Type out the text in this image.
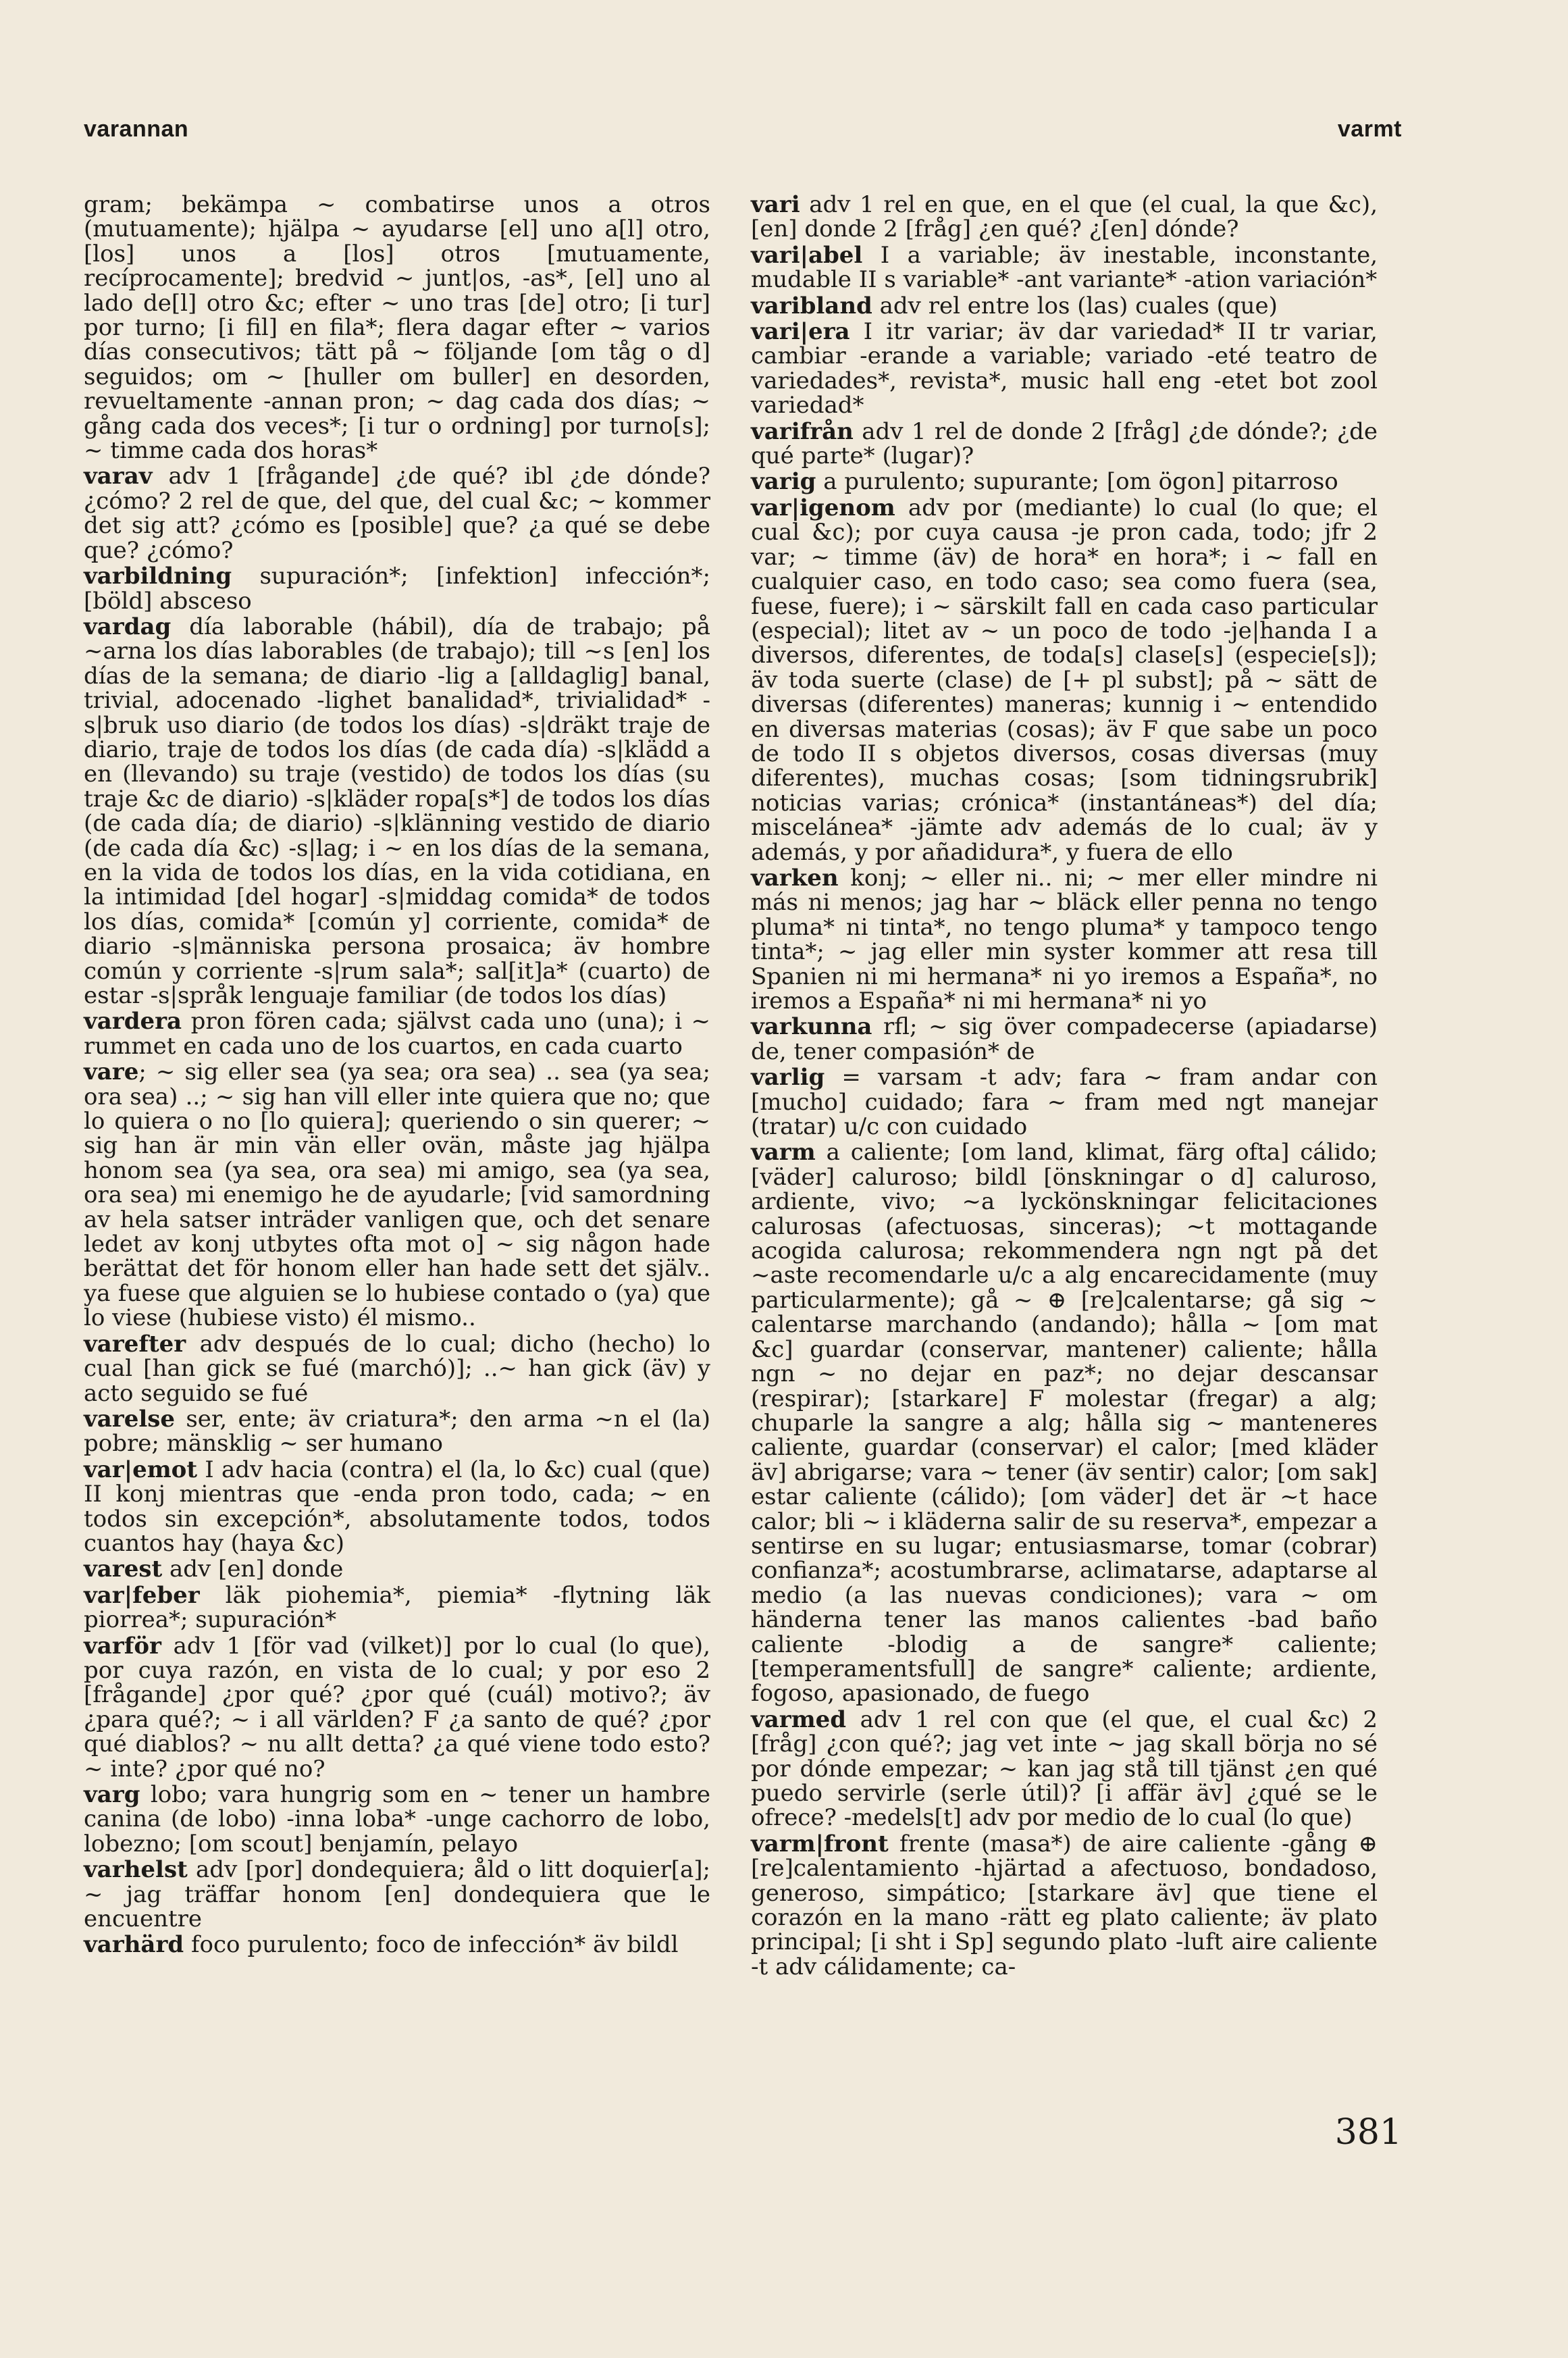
varannan	varmt

gram; bekämpa ~ combatirse unos a otros (mutuamente); hjälpa ~ ayudarse [el] uno a[l] otro, [los] unos a [los] otros [mutuamente, recíprocamente]; bredvid ~ junt|os, -as*, [el] uno al lado de[l] otro &c; efter ~ uno tras [de] otro; [i tur] por turno; [i fil] en fila*; flera dagar efter ~ varios días consecutivos; tätt på ~ följande [om tåg o d] seguidos; om ~ [huller om buller] en desorden, revueltamente -annan pron; ~ dag cada dos días; ~ gång cada dos veces*; [i tur o ordning] por turno[s]; ~ timme cada dos horas*

varav adv 1 [frågande] ¿de qué? ibl ¿de dónde? ¿cómo? 2 rel de que, del que, del cual &c; ~ kommer det sig att? ¿cómo es [posible] que? ¿a qué se debe que? ¿cómo?

varbildning supuración*; [infektion] infección*; [böld] absceso

vardag día laborable (hábil), día de trabajo; på ~arna los días laborables (de trabajo); till ~s [en] los días de la semana; de diario -lig a [alldaglig] banal, trivial, adocenado -lighet banalidad*, trivialidad* -s|bruk uso diario (de todos los días) -s|dräkt traje de diario, traje de todos los días (de cada día) -s|klädd a en (llevando) su traje (vestido) de todos los días (su traje &c de diario) -s|kläder ropa[s*] de todos los días (de cada día; de diario) -s|klänning vestido de diario (de cada día &c) -s|lag; i ~ en los días de la semana, en la vida de todos los días, en la vida cotidiana, en la intimidad [del hogar] -s|middag comida* de todos los días, comida* [común y] corriente, comida* de diario -s|människa persona prosaica; äv hombre común y corriente -s|rum sala*; sal[it]a* (cuarto) de estar -s|språk lenguaje familiar (de todos los días)

vardera pron fören cada; självst cada uno (una); i ~ rummet en cada uno de los cuartos, en cada cuarto

vare; ~ sig eller sea (ya sea; ora sea) .. sea (ya sea; ora sea) ..; ~ sig han vill eller inte quiera que no; que lo quiera o no [lo quiera]; queriendo o sin querer; ~ sig han är min vän eller ovän, måste jag hjälpa honom sea (ya sea, ora sea) mi amigo, sea (ya sea, ora sea) mi enemigo he de ayudarle; [vid samordning av hela satser inträder vanligen que, och det senare ledet av konj utbytes ofta mot o] ~ sig någon hade berättat det för honom eller han hade sett det själv.. ya fuese que alguien se lo hubiese contado o (ya) que lo viese (hubiese visto) él mismo..

varefter adv después de lo cual; dicho (hecho) lo cual [han gick se fué (marchó)]; ..~ han gick (äv) y acto seguido se fué

varelse ser, ente; äv criatura*; den arma ~n el (la) pobre; mänsklig ~ ser humano

var|emot I adv hacia (contra) el (la, lo &c) cual (que) II konj mientras que -enda pron todo, cada; ~ en todos sin excepción*, absolutamente todos, todos cuantos hay (haya &c)

varest adv [en] donde

var|feber läk piohemia*, piemia* -flytning läk piorrea*; supuración*

varför adv 1 [för vad (vilket)] por lo cual (lo que), por cuya razón, en vista de lo cual; y por eso 2 [frågande] ¿por qué? ¿por qué (cuál) motivo?; äv ¿para qué?; ~ i all världen? F ¿a santo de qué? ¿por qué diablos? ~ nu allt detta? ¿a qué viene todo esto? ~ inte? ¿por qué no?

varg lobo; vara hungrig som en ~ tener un hambre canina (de lobo) -inna loba* -unge cachorro de lobo, lobezno; [om scout] benjamín, pelayo

varhelst adv [por] dondequiera; åld o litt doquier[a]; ~ jag träffar honom [en] dondequiera que le encuentre

varhärd foco purulento; foco de infección* äv bildl

vari adv 1 rel en que, en el que (el cual, la que &c), [en] donde 2 [fråg] ¿en qué? ¿[en] dónde?

vari|abel I a variable; äv inestable, inconstante, mudable II s variable* -ant variante* -ation variación*

varibland adv rel entre los (las) cuales (que)

vari|era I itr variar; äv dar variedad* II tr variar, cambiar -erande a variable; variado -eté teatro de variedades*, revista*, music hall eng -etet bot zool variedad*

varifrån adv 1 rel de donde 2 [fråg] ¿de dónde?; ¿de qué parte* (lugar)?

varig a purulento; supurante; [om ögon] pitarroso

var|igenom adv por (mediante) lo cual (lo que; el cual &c); por cuya causa -je pron cada, todo; jfr 2 var; ~ timme (äv) de hora* en hora*; i ~ fall en cualquier caso, en todo caso; sea como fuera (sea, fuese, fuere); i ~ särskilt fall en cada caso particular (especial); litet av ~ un poco de todo -je|handa I a diversos, diferentes, de toda[s] clase[s] (especie[s]); äv toda suerte (clase) de [+ pl subst]; på ~ sätt de diversas (diferentes) maneras; kunnig i ~ entendido en diversas materias (cosas); äv F que sabe un poco de todo II s objetos diversos, cosas diversas (muy diferentes), muchas cosas; [som tidningsrubrik] noticias varias; crónica* (instantáneas*) del día; miscelánea* -jämte adv además de lo cual; äv y además, y por añadidura*, y fuera de ello

varken konj; ~ eller ni.. ni; ~ mer eller mindre ni más ni menos; jag har ~ bläck eller penna no tengo pluma* ni tinta*, no tengo pluma* y tampoco tengo tinta*; ~ jag eller min syster kommer att resa till Spanien ni mi hermana* ni yo iremos a España*, no iremos a España* ni mi hermana* ni yo

varkunna rfl; ~ sig över compadecerse (apiadarse) de, tener compasión* de

varlig = varsam -t adv; fara ~ fram andar con [mucho] cuidado; fara ~ fram med ngt manejar (tratar) u/c con cuidado

varm a caliente; [om land, klimat, färg ofta] cálido; [väder] caluroso; bildl [önskningar o d] caluroso, ardiente, vivo; ~a lyckönskningar felicitaciones calurosas (afectuosas, sinceras); ~t mottagande acogida calurosa; rekommendera ngn ngt på det ~aste recomendarle u/c a alg encarecidamente (muy particularmente); gå ~ ⊕ [re]calentarse; gå sig ~ calentarse marchando (andando); hålla ~ [om mat &c] guardar (conservar, mantener) caliente; hålla ngn ~ no dejar en paz*; no dejar descansar (respirar); [starkare] F molestar (fregar) a alg; chuparle la sangre a alg; hålla sig ~ manteneres caliente, guardar (conservar) el calor; [med kläder äv] abrigarse; vara ~ tener (äv sentir) calor; [om sak] estar caliente (cálido); [om väder] det är ~t hace calor; bli ~ i kläderna salir de su reserva*, empezar a sentirse en su lugar; entusiasmarse, tomar (cobrar) confianza*; acostumbrarse, aclimatarse, adaptarse al medio (a las nuevas condiciones); vara ~ om händerna tener las manos calientes -bad baño caliente -blodig a de sangre* caliente; [temperamentsfull] de sangre* caliente; ardiente, fogoso, apasionado, de fuego

varmed adv 1 rel con que (el que, el cual &c) 2 [fråg] ¿con qué?; jag vet inte ~ jag skall börja no sé por dónde empezar; ~ kan jag stå till tjänst ¿en qué puedo servirle (serle útil)? [i affär äv] ¿qué se le ofrece? -medels[t] adv por medio de lo cual (lo que)

varm|front frente (masa*) de aire caliente -gång ⊕ [re]calentamiento -hjärtad a afectuoso, bondadoso, generoso, simpático; [starkare äv] que tiene el corazón en la mano -rätt eg plato caliente; äv plato principal; [i sht i Sp] segundo plato -luft aire caliente -t adv cálidamente; ca-

381
